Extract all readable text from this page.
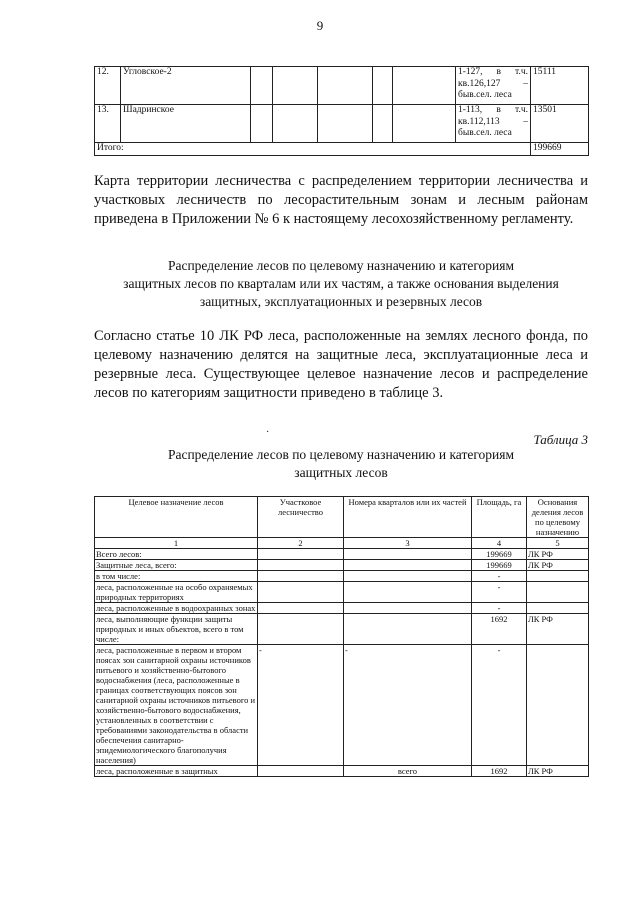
9
12.	Угловское-2						1-127, в т.ч.
кв.126,127 –
быв.сел. леса	15111
13.	Шадринское						1-113, в т.ч.
кв.112,113 –
быв.сел. леса	13501
Итого:								199669
Карта территории лесничества с распределением территории лесничества и участковых лесничеств по лесорастительным зонам и лесным районам приведена в Приложении № 6 к настоящему лесохозяйственному регламенту.
Распределение лесов по целевому назначению и категориям
защитных лесов по кварталам или их частям, а также основания выделения
защитных, эксплуатационных и резервных лесов
Согласно статье 10 ЛК РФ леса, расположенные на землях лесного фонда, по целевому назначению делятся на защитные леса, эксплуатационные леса и резервные леса. Существующее целевое назначение лесов и распределение лесов по категориям защитности приведено в таблице 3.
·	Таблица 3
Распределение лесов по целевому назначению и категориям
защитных лесов
Целевое назначение лесов	Участковое лесничество	Номера кварталов или их частей	Площадь, га	Основания деления лесов по целевому назначению
1	2	3	4	5
Всего лесов:			199669	ЛК РФ
Защитные леса, всего:			199669	ЛК РФ
в том числе:			-	
леса, расположенные на особо охраняемых природных территориях			-	
леса, расположенные в водоохранных зонах			-	
леса, выполняющие функции защиты природных и иных объектов, всего в том числе:			1692	ЛК РФ
леса, расположенные в первом и втором поясах зон санитарной охраны источников питьевого и хозяйственно-бытового водоснабжения (леса, расположенные в границах соответствующих поясов зон санитарной охраны источников питьевого и хозяйственно-бытового водоснабжения, установленных в соответствии с требованиями законодательства в области обеспечения санитарно-эпидемиологического благополучия населения)	-	-	-	
леса, расположенные в защитных		всего	1692	ЛК РФ
